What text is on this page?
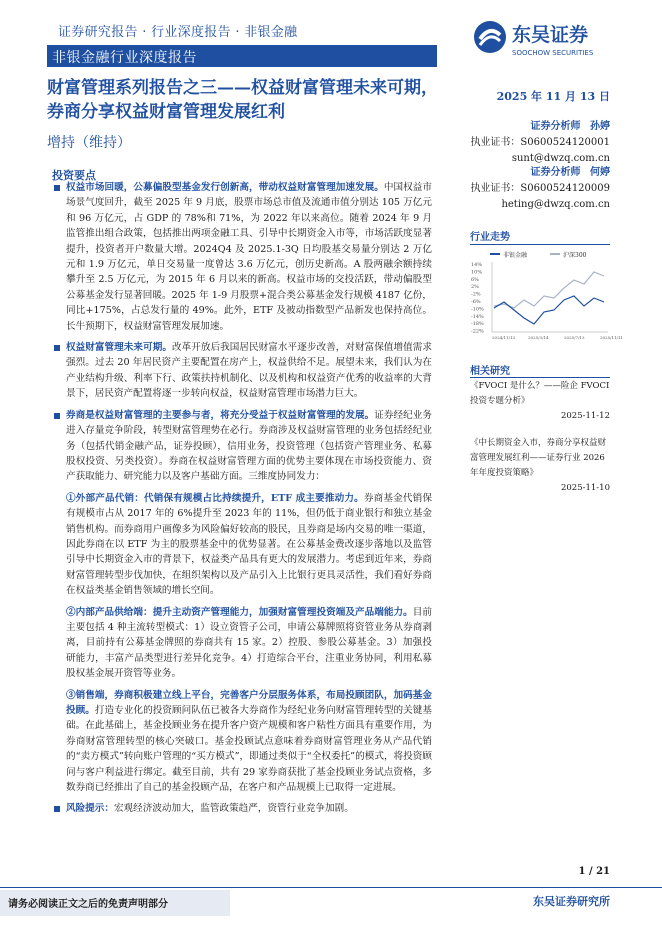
证券研究报告 · 行业深度报告 · 非银金融
非银金融行业深度报告
东吴证券
SOOCHOW SECURITIES
财富管理系列报告之三——权益财富管理未来可期，券商分享权益财富管理发展红利
增持（维持）
2025 年 11 月 13 日
证券分析师 孙婷
执业证书：S0600524120001
sunt@dwzq.com.cn
证券分析师 何婷
执业证书：S0600524120009
heting@dwzq.com.cn
行业走势
非银金融	沪深300
14%
10%
6%
2%
-2%
-6%
-10%
-14%
-18%
-22%
2024/11/13	2025/3/14	2025/7/13	2025/11/11
相关研究
《FVOCI 是什么？——险企 FVOCI 投资专题分析》
2025-11-12
《中长期资金入市，券商分享权益财富管理发展红利——证券行业 2026 年年度投资策略》
2025-11-10
投资要点

权益市场回暖，公募偏股型基金发行创新高，带动权益财富管理加速发展。中国权益市场景气度回升，截至 2025 年 9 月底，股票市场总市值及流通市值分别达 105 万亿元和 96 万亿元，占 GDP 的 78%和 71%，为 2022 年以来高位。随着 2024 年 9 月监管推出组合政策，包括推出两项金融工具、引导中长期资金入市等，市场活跃度显著提升，投资者开户数量大增。2024Q4 及 2025.1-3Q 日均股基交易量分别达 2 万亿元和 1.9 万亿元，单日交易量一度曾达 3.6 万亿元，创历史新高。A 股两融余额持续攀升至 2.5 万亿元，为 2015 年 6 月以来的新高。权益市场的交投活跃，带动偏股型公募基金发行显著回暖。2025 年 1-9 月股票+混合类公募基金发行规模 4187 亿份，同比+175%，占总发行量的 49%。此外，ETF 及被动指数型产品新发也保持高位。长牛预期下，权益财富管理发展加速。

权益财富管理未来可期。改革开放后我国居民财富水平逐步改善，对财富保值增值需求强烈。过去 20 年居民资产主要配置在房产上，权益供给不足。展望未来，我们认为在产业结构升级、利率下行、政策扶持机制化、以及机构和权益资产优秀的收益率的大背景下，居民资产配置将逐一步转向权益，权益财富管理市场潜力巨大。

券商是权益财富管理的主要参与者，将充分受益于权益财富管理的发展。证券经纪业务进入存量竞争阶段，转型财富管理势在必行。券商涉及权益财富管理的业务包括经纪业务（包括代销金融产品，证券投顾），信用业务，投资管理（包括资产管理业务、私募股权投资、另类投资）。券商在权益财富管理方面的优势主要体现在市场投资能力、资产获取能力、研究能力以及客户基础方面。三维度协同发力：

①外部产品代销：代销保有规模占比持续提升，ETF 成主要推动力。券商基金代销保有规模市占从 2017 年的 6%提升至 2023 年的 11%，但仍低于商业银行和独立基金销售机构。而券商用户画像多为风险偏好较高的股民，且券商是场内交易的唯一渠道，因此券商在以 ETF 为主的股票基金中的优势显著。在公募基金费改逐步落地以及监管引导中长期资金入市的背景下，权益类产品具有更大的发展潜力。考虑到近年来，券商财富管理转型步伐加快，在组织架构以及产品引入上比银行更具灵活性，我们看好券商在权益类基金销售领域的增长空间。

②内部产品供给端：提升主动资产管理能力，加强财富管理投资端及产品端能力。目前主要包括 4 种主流转型模式：1）设立资管子公司，申请公募牌照将资管业务从券商剥离，目前持有公募基金牌照的券商共有 15 家。2）控股、参股公募基金。3）加强投研能力，丰富产品类型进行差异化竞争。4）打造综合平台，注重业务协同，利用私募股权基金展开资管等业务。

③销售端，券商积极建立线上平台，完善客户分层服务体系，布局投顾团队，加码基金投顾。打造专业化的投资顾问队伍已被各大券商作为经纪业务向财富管理转型的关键基础。在此基础上，基金投顾业务在提升客户资产规模和客户粘性方面具有重要作用，为券商财富管理转型的核心突破口。基金投顾试点意味着券商财富管理业务从产品代销的“卖方模式”转向账户管理的“买方模式”，即通过类似于“全权委托”的模式，将投资顾问与客户利益进行绑定。截至目前，共有 29 家券商获批了基金投顾业务试点资格，多数券商已经推出了自己的基金投顾产品，在客户和产品规模上已取得一定进展。

风险提示：宏观经济波动加大，监管政策趋严，资管行业竞争加剧。

1 / 21
请务必阅读正文之后的免责声明部分	东吴证券研究所
